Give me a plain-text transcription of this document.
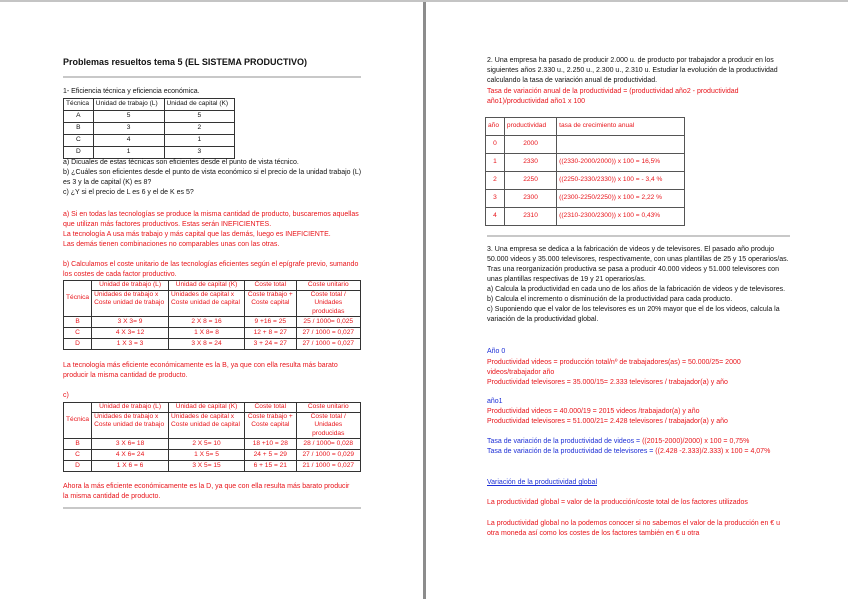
Problemas resueltos tema 5 (EL SISTEMA PRODUCTIVO)
1- Eficiencia técnica y eficiencia económica.
Técnica	Unidad de trabajo (L)	Unidad de capital (K)
A	5	5
B	3	2
C	4	1
D	1	3
a) Dicuales de estas técnicas son eficientes desde el punto de vista técnico.
b) ¿Cuáles son eficientes desde el punto de vista económico si el precio de la unidad trabajo (L) es 3 y la de capital (K) es 8?
c) ¿Y si el precio de L es 6 y el de K es 5?
a) Si en todas las tecnologías se produce la misma cantidad de producto, buscaremos aquellas que utilizan más factores productivos. Estas serán INEFICIENTES.
La tecnología A usa más trabajo y más capital que las demás, luego es INEFICIENTE.
Las demás tienen combinaciones no comparables unas con las otras.
b) Calculamos el coste unitario de las tecnologías eficientes según el epígrafe previo, sumando los costes de cada factor productivo.
Técnica	Unidad de trabajo (L)	Unidad de capital (K)	Coste total	Coste unitario
	Unidades de trabajo x Coste unidad de trabajo	Unidades de capital x Coste unidad de capital	Coste trabajo + Coste capital	Coste total / Unidades producidas
B	3 X 3= 9	2 X 8 = 16	9 +16 = 25	25 / 1000= 0,025
C	4 X 3= 12	1 X 8= 8	12 + 8 = 27	27 / 1000 = 0,027
D	1 X 3 = 3	3 X 8 = 24	3 + 24 = 27	27 / 1000 = 0,027
La tecnología más eficiente económicamente es la B, ya que con ella resulta más barato producir la misma cantidad de producto.
c)
Técnica	Unidad de trabajo (L)	Unidad de capital (K)	Coste total	Coste unitario
	Unidades de trabajo x Coste unidad de trabajo	Unidades de capital x Coste unidad de capital	Coste trabajo + Coste capital	Coste total / Unidades producidas
B	3 X 6= 18	2 X 5= 10	18 +10 = 28	28 / 1000= 0,028
C	4 X 6= 24	1 X 5= 5	24 + 5 = 29	27 / 1000 = 0,029
D	1 X 6 = 6	3 X 5= 15	6 + 15 = 21	21 / 1000 = 0,027
Ahora la más eficiente económicamente es la D, ya que con ella resulta más barato producir la misma cantidad de producto.
2. Una empresa ha pasado de producir 2.000 u. de producto por trabajador a producir en los siguientes años 2.330 u., 2.250 u., 2.300 u., 2.310 u. Estudiar la evolución de la productividad calculando la tasa de variación anual de productividad.
Tasa de variación anual de la productividad = (productividad año2 - productividad año1)/productividad año1 x 100
año	productividad	tasa de crecimiento anual
0	2000	
1	2330	((2330-2000/2000)) x 100 = 16,5%
2	2250	((2250-2330/2330)) x 100 = - 3,4 %
3	2300	((2300-2250/2250)) x 100 = 2,22 %
4	2310	((2310-2300/2300)) x 100 = 0,43%
3. Una empresa se dedica a la fabricación de videos y de televisores. El pasado año produjo 50.000 videos y 35.000 televisores, respectivamente, con unas plantillas de 25 y 15 operarios/as. Tras una reorganización productiva se pasa a producir 40.000 videos y 51.000 televisores con unas plantillas respectivas de 19 y 21 operarios/as.
a) Calcula la productividad en cada uno de los años de la fabricación de videos y de televisores.
b) Calcula el incremento o disminución de la productividad para cada producto.
c) Suponiendo que el valor de los televisores es un 20% mayor que el de los videos, calcula la variación de la productividad global.
Año 0
Productividad videos = producción total/nº de trabajadores(as) = 50.000/25= 2000 videos/trabajador año
Productividad televisores = 35.000/15= 2.333 televisores / trabajador(a) y año
año1
Productividad videos = 40.000/19 = 2015 videos /trabajador(a) y año
Productividad televisores = 51.000/21= 2.428 televisores / trabajador(a) y año
Tasa de variación de la productividad de videos = ((2015-2000)/2000) x 100 = 0,75%
Tasa de variación de la productividad de televisores = ((2.428 -2.333)/2.333) x 100 = 4,07%
Variación de la productividad global
La productividad global = valor de la producción/coste total de los factores utilizados
La productividad global no la podemos conocer si no sabemos el valor de la producción en € u otra moneda así como los costes de los factores también en € u otra
